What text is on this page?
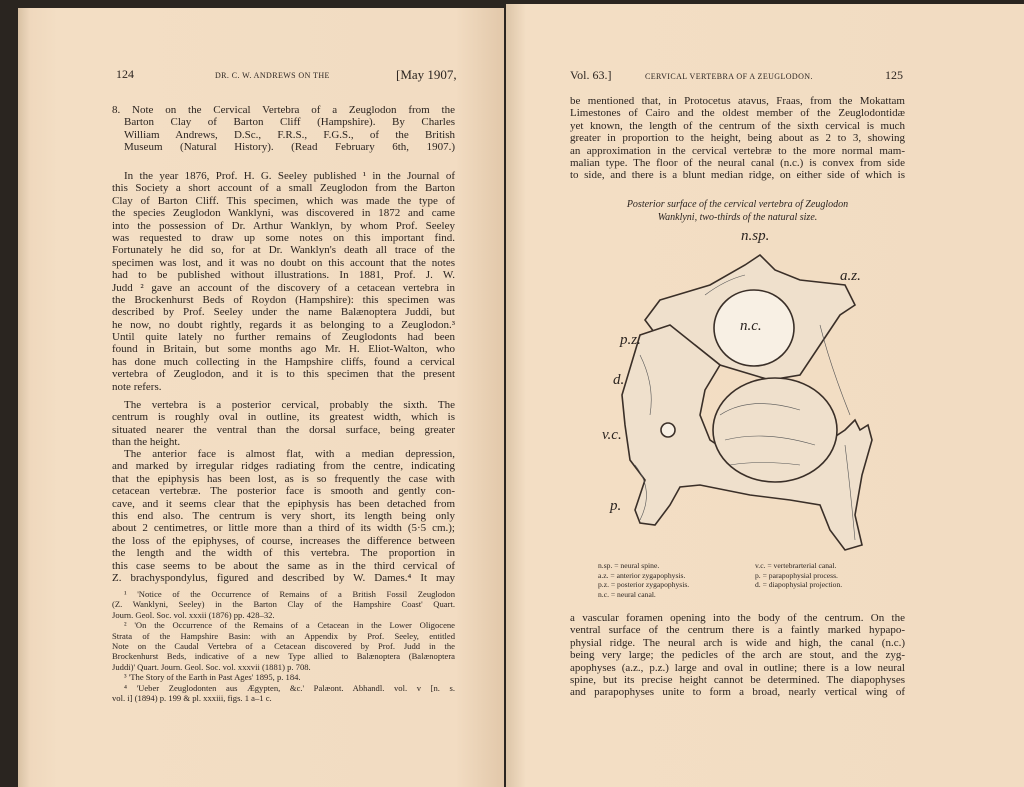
124	DR. C. W. ANDREWS ON THE	[May 1907,
8. Note on the Cervical Vertebra of a Zeuglodon from the
Barton Clay of Barton Cliff (Hampshire). By Charles
William Andrews, D.Sc., F.R.S., F.G.S., of the British
Museum (Natural History). (Read February 6th, 1907.)
In the year 1876, Prof. H. G. Seeley published ¹ in the Journal of
this Society a short account of a small Zeuglodon from the Barton
Clay of Barton Cliff. This specimen, which was made the type of
the species Zeuglodon Wanklyni, was discovered in 1872 and came
into the possession of Dr. Arthur Wanklyn, by whom Prof. Seeley
was requested to draw up some notes on this important find.
Fortunately he did so, for at Dr. Wanklyn's death all trace of the
specimen was lost, and it was no doubt on this account that the notes
had to be published without illustrations. In 1881, Prof. J. W.
Judd ² gave an account of the discovery of a cetacean vertebra in
the Brockenhurst Beds of Roydon (Hampshire): this specimen was
described by Prof. Seeley under the name Balænoptera Juddi, but
he now, no doubt rightly, regards it as belonging to a Zeuglodon.³
Until quite lately no further remains of Zeuglodonts had been
found in Britain, but some months ago Mr. H. Eliot-Walton, who
has done much collecting in the Hampshire cliffs, found a cervical
vertebra of Zeuglodon, and it is to this specimen that the present
note refers.
The vertebra is a posterior cervical, probably the sixth. The
centrum is roughly oval in outline, its greatest width, which is
situated nearer the ventral than the dorsal surface, being greater
than the height.
The anterior face is almost flat, with a median depression,
and marked by irregular ridges radiating from the centre, indicating
that the epiphysis has been lost, as is so frequently the case with
cetacean vertebræ. The posterior face is smooth and gently con-
cave, and it seems clear that the epiphysis has been detached from
this end also. The centrum is very short, its length being only
about 2 centimetres, or little more than a third of its width (5·5 cm.);
the loss of the epiphyses, of course, increases the difference between
the length and the width of this vertebra. The proportion in
this case seems to be about the same as in the third cervical of
Z. brachyspondylus, figured and described by W. Dames.⁴ It may
¹ 'Notice of the Occurrence of Remains of a British Fossil Zeuglodon
(Z. Wanklyni, Seeley) in the Barton Clay of the Hampshire Coast' Quart.
Journ. Geol. Soc. vol. xxxii (1876) pp. 428–32.
² 'On the Occurrence of the Remains of a Cetacean in the Lower Oligocene
Strata of the Hampshire Basin: with an Appendix by Prof. Seeley, entitled
Note on the Caudal Vertebra of a Cetacean discovered by Prof. Judd in the
Brockenhurst Beds, indicative of a new Type allied to Balænoptera (Balænoptera
Juddi)' Quart. Journ. Geol. Soc. vol. xxxvii (1881) p. 708.
³ 'The Story of the Earth in Past Ages' 1895, p. 184.
⁴ 'Ueber Zeuglodonten aus Ægypten, &c.' Palæont. Abhandl. vol. v [n. s.
vol. i] (1894) p. 199 & pl. xxxiii, figs. 1 a–1 c.
Vol. 63.]	CERVICAL VERTEBRA OF A ZEUGLODON.	125
be mentioned that, in Protocetus atavus, Fraas, from the Mokattam
Limestones of Cairo and the oldest member of the Zeuglodontidæ
yet known, the length of the centrum of the sixth cervical is much
greater in proportion to the height, being about as 2 to 3, showing
an approximation in the cervical vertebræ to the more normal mam-
malian type. The floor of the neural canal (n.c.) is convex from side
to side, and there is a blunt median ridge, on either side of which is
Posterior surface of the cervical vertebra of Zeuglodon
Wanklyni, two-thirds of the natural size.
n.sp.
a.z.
p.z.
n.c.
d.
v.c.
p.
n.sp. = neural spine.
a.z. = anterior zygapophysis.
p.z. = posterior zygapophysis.
n.c. = neural canal.
v.c. = vertebrarterial canal.
p. = parapophysial process.
d. = diapophysial projection.
a vascular foramen opening into the body of the centrum. On the
ventral surface of the centrum there is a faintly marked hypapo-
physial ridge. The neural arch is wide and high, the canal (n.c.)
being very large; the pedicles of the arch are stout, and the zyg-
apophyses (a.z., p.z.) large and oval in outline; there is a low neural
spine, but its precise height cannot be determined. The diapophyses
and parapophyses unite to form a broad, nearly vertical wing of
